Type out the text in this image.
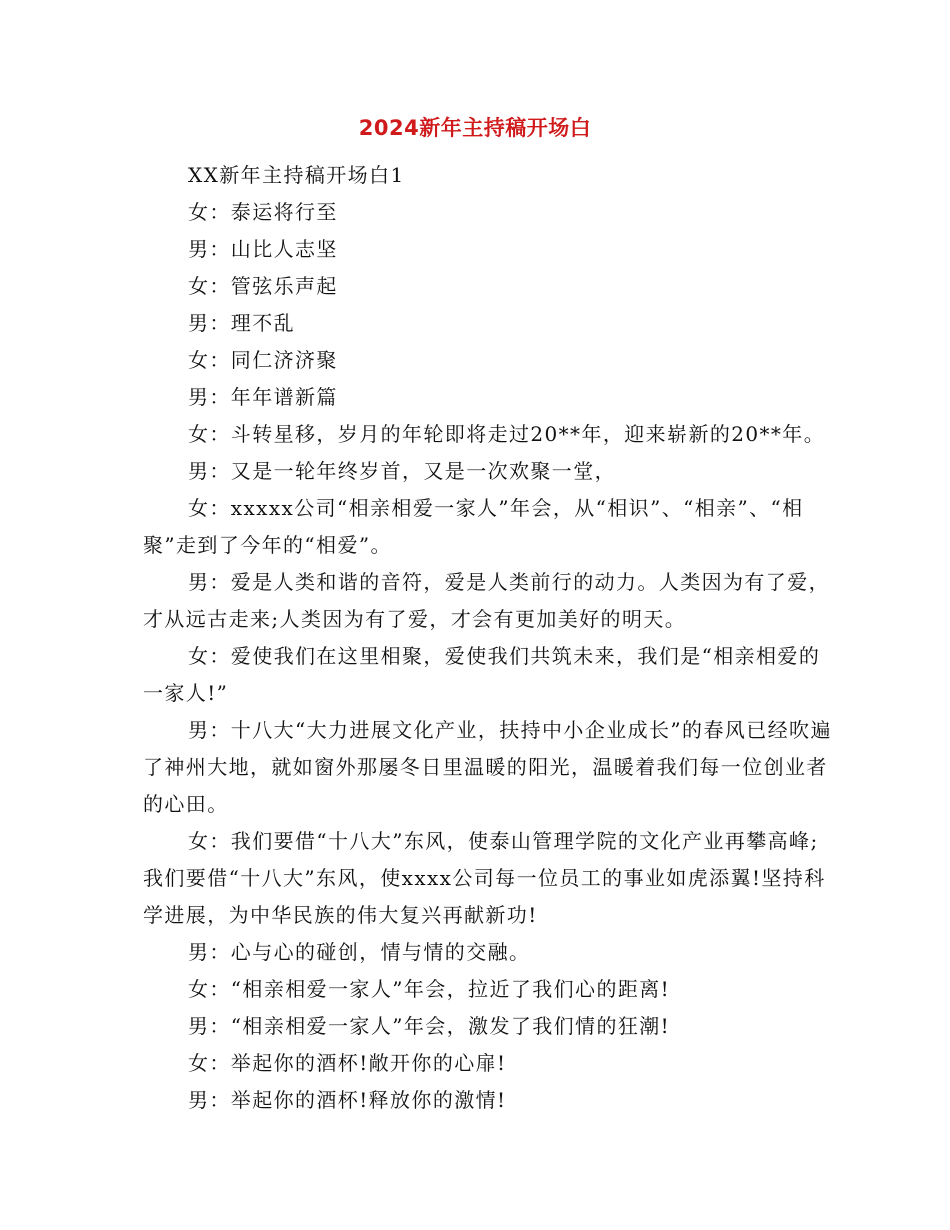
2024新年主持稿开场白

XX新年主持稿开场白1

女：泰运将行至

男：山比人志坚

女：管弦乐声起

男：理不乱

女：同仁济济聚

男：年年谱新篇

女：斗转星移，岁月的年轮即将走过20**年，迎来崭新的20**年。

男：又是一轮年终岁首，又是一次欢聚一堂，

女：xxxxx公司“相亲相爱一家人”年会，从“相识”、“相亲”、“相聚”走到了今年的“相爱”。

男：爱是人类和谐的音符，爱是人类前行的动力。人类因为有了爱，才从远古走来;人类因为有了爱，才会有更加美好的明天。

女：爱使我们在这里相聚，爱使我们共筑未来，我们是“相亲相爱的一家人!”

男：十八大“大力进展文化产业，扶持中小企业成长”的春风已经吹遍了神州大地，就如窗外那屡冬日里温暖的阳光，温暖着我们每一位创业者的心田。

女：我们要借“十八大”东风，使泰山管理学院的文化产业再攀高峰;我们要借“十八大”东风，使xxxx公司每一位员工的事业如虎添翼!坚持科学进展，为中华民族的伟大复兴再献新功!

男：心与心的碰创，情与情的交融。

女：“相亲相爱一家人”年会，拉近了我们心的距离!

男：“相亲相爱一家人”年会，激发了我们情的狂潮!

女：举起你的酒杯!敞开你的心扉!

男：举起你的酒杯!释放你的激情!
